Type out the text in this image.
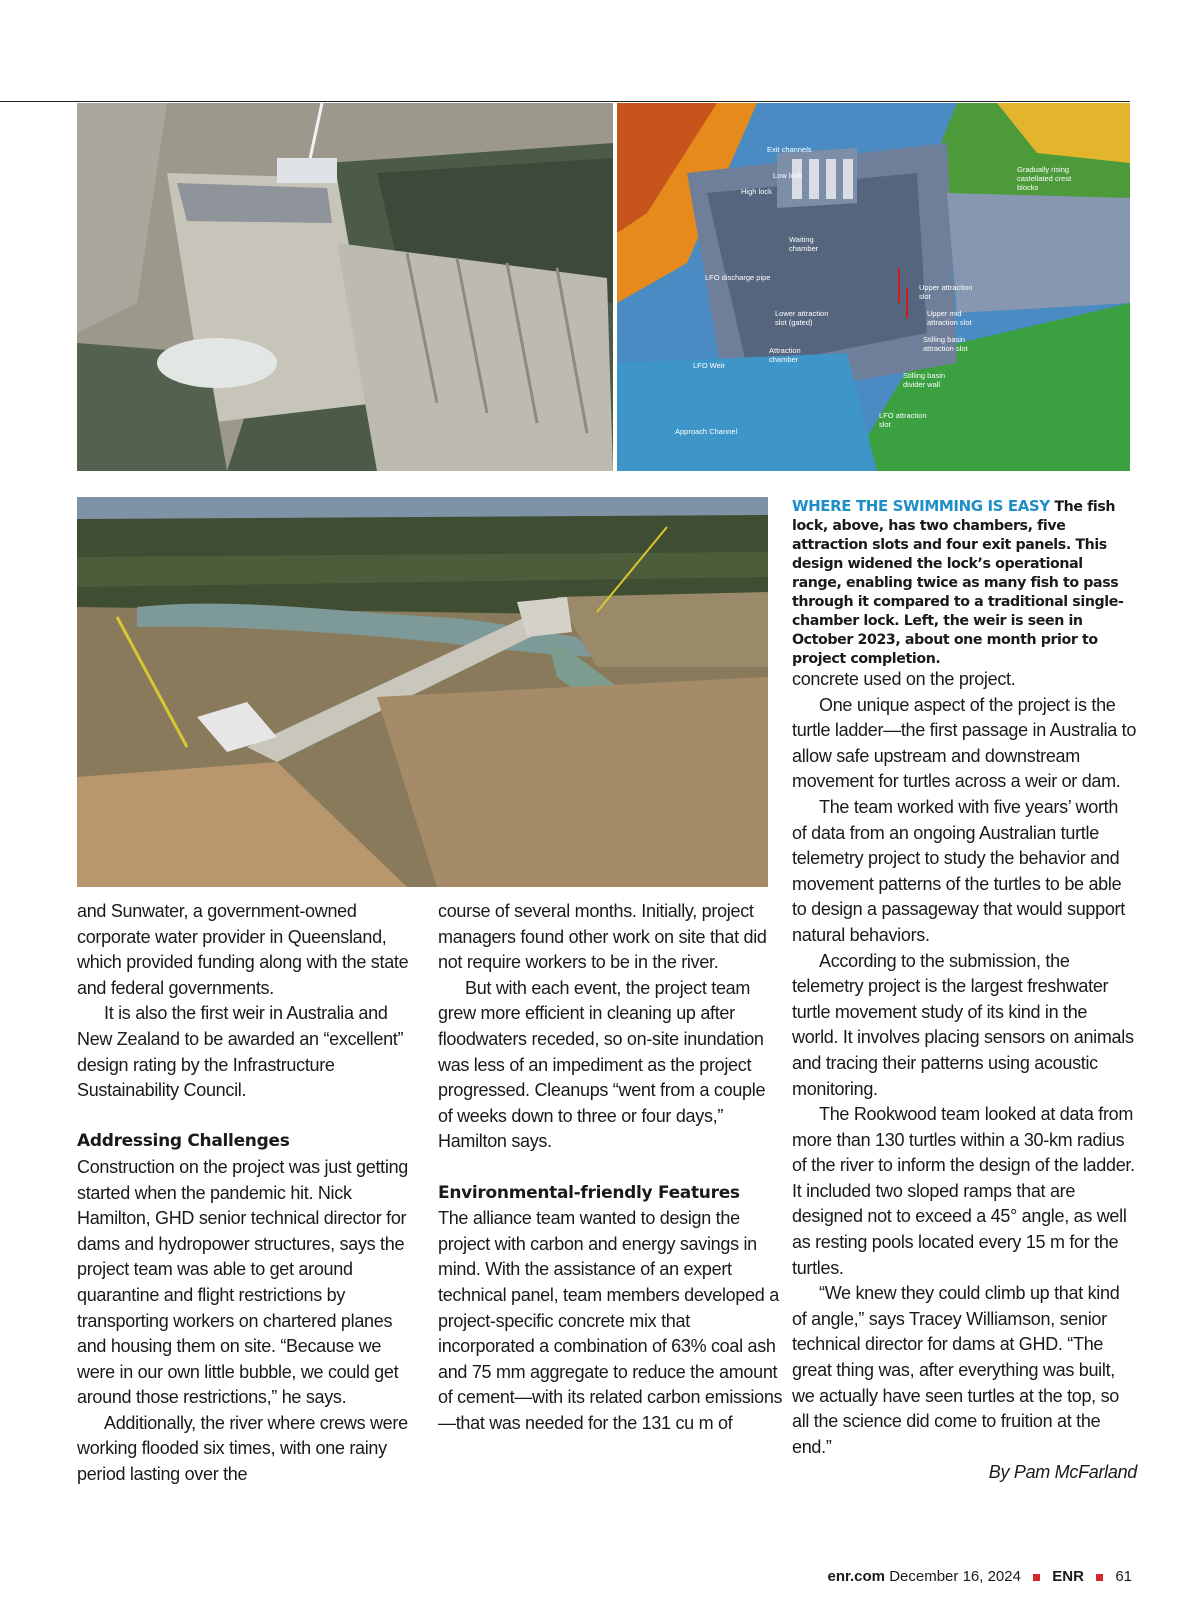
Exit channels
Low lock
High lock
Gradually rising castellated crest blocks
Waiting chamber
LFO discharge pipe
Upper attraction slot
Lower attraction slot (gated)
Upper mid attraction slot
Stilling basin attraction slot
Attraction chamber
LFO Weir
Stilling basin divider wall
LFO attraction slot
Approach Channel
WHERE THE SWIMMING IS EASY The fish lock, above, has two chambers, five attraction slots and four exit panels. This design widened the lock’s operational range, enabling twice as many fish to pass through it compared to a traditional single-chamber lock. Left, the weir is seen in October 2023, about one month prior to project completion.

and Sunwater, a government-owned corporate water provider in Queensland, which provided funding along with the state and federal governments.

It is also the first weir in Australia and New Zealand to be awarded an “excellent” design rating by the Infrastructure Sustainability Council.

Addressing Challenges

Construction on the project was just getting started when the pandemic hit. Nick Hamilton, GHD senior technical director for dams and hydropower structures, says the project team was able to get around quarantine and flight restrictions by transporting workers on chartered planes and housing them on site. “Because we were in our own little bubble, we could get around those restrictions,” he says.

Additionally, the river where crews were working flooded six times, with one rainy period lasting over the

course of several months. Initially, project managers found other work on site that did not require workers to be in the river.

But with each event, the project team grew more efficient in cleaning up after floodwaters receded, so on-site inundation was less of an impediment as the project progressed. Cleanups “went from a couple of weeks down to three or four days,” Hamilton says.

Environmental-friendly Features

The alliance team wanted to design the project with carbon and energy savings in mind. With the assistance of an expert technical panel, team members developed a project-specific concrete mix that incorporated a combination of 63% coal ash and 75 mm aggregate to reduce the amount of cement—with its related carbon emissions—that was needed for the 131 cu m of

concrete used on the project.

One unique aspect of the project is the turtle ladder—the first passage in Australia to allow safe upstream and downstream movement for turtles across a weir or dam.

The team worked with five years’ worth of data from an ongoing Australian turtle telemetry project to study the behavior and movement patterns of the turtles to be able to design a passageway that would support natural behaviors.

According to the submission, the telemetry project is the largest freshwater turtle movement study of its kind in the world. It involves placing sensors on animals and tracing their patterns using acoustic monitoring.

The Rookwood team looked at data from more than 130 turtles within a 30-km radius of the river to inform the design of the ladder. It included two sloped ramps that are designed not to exceed a 45° angle, as well as resting pools located every 15 m for the turtles.

“We knew they could climb up that kind of angle,” says Tracey Williamson, senior technical director for dams at GHD. “The great thing was, after everything was built, we actually have seen turtles at the top, so all the science did come to fruition at the end.”

By Pam McFarland

enr.com December 16, 2024 ENR 61
